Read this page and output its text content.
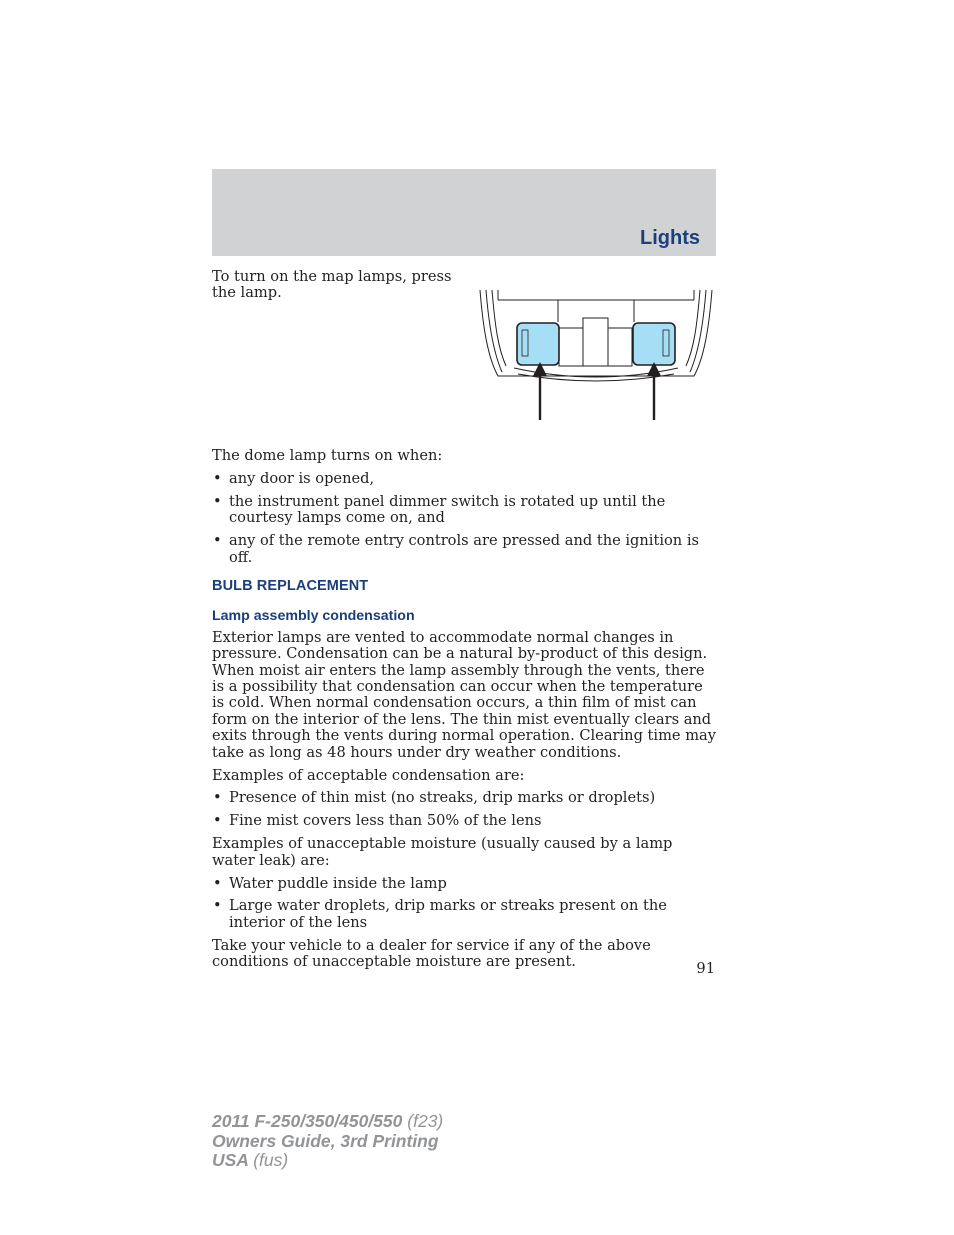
Lights
To turn on the map lamps, press the lamp.

The dome lamp turns on when:

• any door is opened,
• the instrument panel dimmer switch is rotated up until the courtesy lamps come on, and
• any of the remote entry controls are pressed and the ignition is off.
BULB REPLACEMENT
Lamp assembly condensation

Exterior lamps are vented to accommodate normal changes in pressure. Condensation can be a natural by-product of this design. When moist air enters the lamp assembly through the vents, there is a possibility that condensation can occur when the temperature is cold. When normal condensation occurs, a thin film of mist can form on the interior of the lens. The thin mist eventually clears and exits through the vents during normal operation. Clearing time may take as long as 48 hours under dry weather conditions.

Examples of acceptable condensation are:

• Presence of thin mist (no streaks, drip marks or droplets)
• Fine mist covers less than 50% of the lens

Examples of unacceptable moisture (usually caused by a lamp water leak) are:

• Water puddle inside the lamp
• Large water droplets, drip marks or streaks present on the interior of the lens

Take your vehicle to a dealer for service if any of the above conditions of unacceptable moisture are present.	91
2011 F-250/350/450/550 (f23)
Owners Guide, 3rd Printing
USA (fus)
